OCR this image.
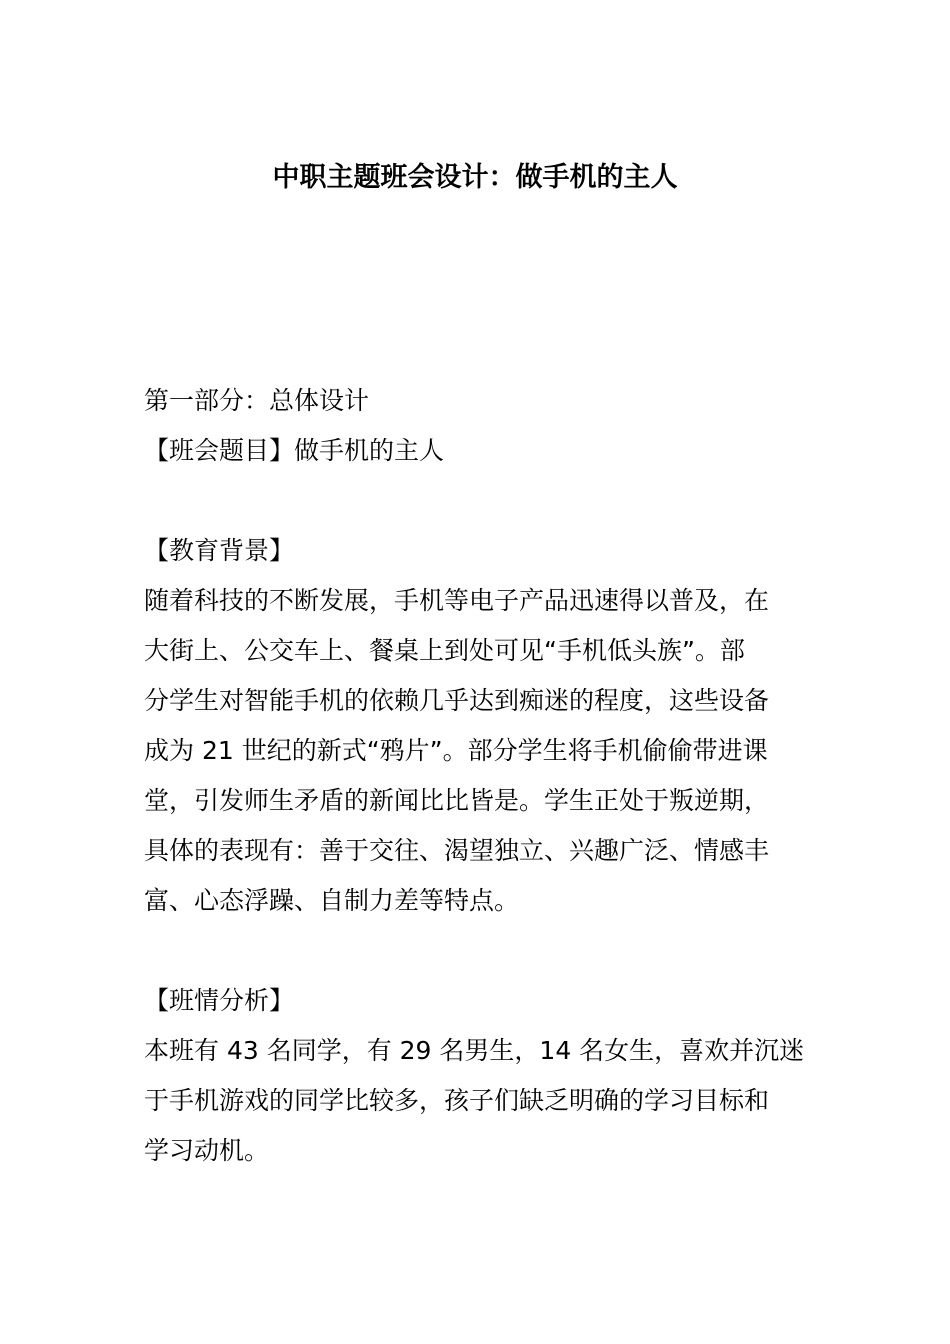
中职主题班会设计：做手机的主人

第一部分：总体设计

【班会题目】做手机的主人

【教育背景】

随着科技的不断发展，手机等电子产品迅速得以普及，在

大街上、公交车上、餐桌上到处可见“手机低头族”。部

分学生对智能手机的依赖几乎达到痴迷的程度，这些设备

成为 21 世纪的新式“鸦片”。部分学生将手机偷偷带进课

堂，引发师生矛盾的新闻比比皆是。学生正处于叛逆期，

具体的表现有：善于交往、渴望独立、兴趣广泛、情感丰

富、心态浮躁、自制力差等特点。

【班情分析】

本班有 43 名同学，有 29 名男生，14 名女生，喜欢并沉迷

于手机游戏的同学比较多，孩子们缺乏明确的学习目标和

学习动机。
